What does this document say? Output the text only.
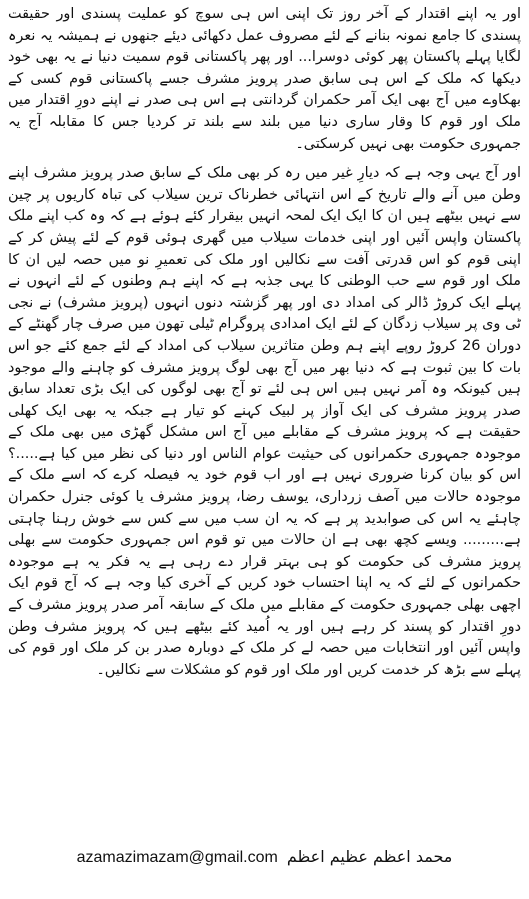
اور یہ اپنے اقتدار کے آخر روز تک اپنی اس ہی سوچ کو عملیت پسندی اور حقیقت پسندی کا جامع نمونہ بنانے کے لئے مصروف عمل دکھائی دیئے جنھوں نے ہمیشہ یہ نعرہ لگایا پہلے پاکستان پھر کوئی دوسرا... اور پھر پاکستانی قوم سمیت دنیا نے یہ بھی خود دیکھا کہ ملک کے اس ہی سابق صدر پرویز مشرف جسے پاکستانی قوم کسی کے بھکاوے میں آج بھی ایک آمر حکمران گردانتی ہے اس ہی صدر نے اپنے دورِ اقتدار میں ملک اور قوم کا وقار ساری دنیا میں بلند سے بلند تر کردیا جس کا مقابلہ آج یہ جمہوری حکومت بھی نہیں کرسکتی۔

اور آج یہی وجہ ہے کہ دیارِ غیر میں رہ کر بھی ملک کے سابق صدر پرویز مشرف اپنے وطن میں آنے والے تاریخ کے اس انتہائی خطرناک ترین سیلاب کی تباہ کاریوں پر چین سے نہیں بیٹھے ہیں ان کا ایک ایک لمحہ انہیں بیقرار کئے ہوئے ہے کہ وہ کب اپنے ملک پاکستان واپس آئیں اور اپنی خدمات سیلاب میں گھری ہوئی قوم کے لئے پیش کر کے اپنی قوم کو اس قدرتی آفت سے نکالیں اور ملک کی تعمیرِ نو میں حصہ لیں ان کا ملک اور قوم سے حب الوطنی کا یہی جذبہ ہے کہ اپنے ہم وطنوں کے لئے انہوں نے پہلے ایک کروڑ ڈالر کی امداد دی اور پھر گزشتہ دنوں انہوں (پرویز مشرف) نے نجی ٹی وی پر سیلاب زدگان کے لئے ایک امدادی پروگرام ٹیلی تھون میں صرف چار گھنٹے کے دوران 26 کروڑ روپے اپنے ہم وطن متاثرین سیلاب کی امداد کے لئے جمع کئے جو اس بات کا بین ثبوت ہے کہ دنیا بھر میں آج بھی لوگ پرویز مشرف کو چاہنے والے موجود ہیں کیونکہ وہ آمر نہیں ہیں اس ہی لئے تو آج بھی لوگوں کی ایک بڑی تعداد سابق صدر پرویز مشرف کی ایک آواز پر لبیک کہنے کو تیار ہے جبکہ یہ بھی ایک کھلی حقیقت ہے کہ پرویز مشرف کے مقابلے میں آج اس مشکل گھڑی میں بھی ملک کے موجودہ جمہوری حکمرانوں کی حیثیت عوام الناس اور دنیا کی نظر میں کیا ہے.....؟ اس کو بیان کرنا ضروری نہیں ہے اور اب قوم خود یہ فیصلہ کرے کہ اسے ملک کے موجودہ حالات میں آصف زرداری، یوسف رضا، پرویز مشرف یا کوئی جنرل حکمران چاہئے یہ اس کی صوابدید پر ہے کہ یہ ان سب میں سے کس سے خوش رہنا چاہتی ہے......... ویسے کچھ بھی ہے ان حالات میں تو قوم اس جمہوری حکومت سے بھلی پرویز مشرف کی حکومت کو ہی بہتر قرار دے رہی ہے یہ فکر یہ ہے موجودہ حکمرانوں کے لئے کہ یہ اپنا احتساب خود کریں کے آخری کیا وجہ ہے کہ آج قوم ایک اچھی بھلی جمہوری حکومت کے مقابلے میں ملک کے سابقہ آمر صدر پرویز مشرف کے دورِ اقتدار کو پسند کر رہے ہیں اور یہ اُمید کئے بیٹھے ہیں کہ پرویز مشرف وطن واپس آئیں اور انتخابات میں حصہ لے کر ملک کے دوبارہ صدر بن کر ملک اور قوم کی پہلے سے بڑھ کر خدمت کریں اور ملک اور قوم کو مشکلات سے نکالیں۔

azamazimazam@gmail.com محمد اعظم عظیم اعظم
